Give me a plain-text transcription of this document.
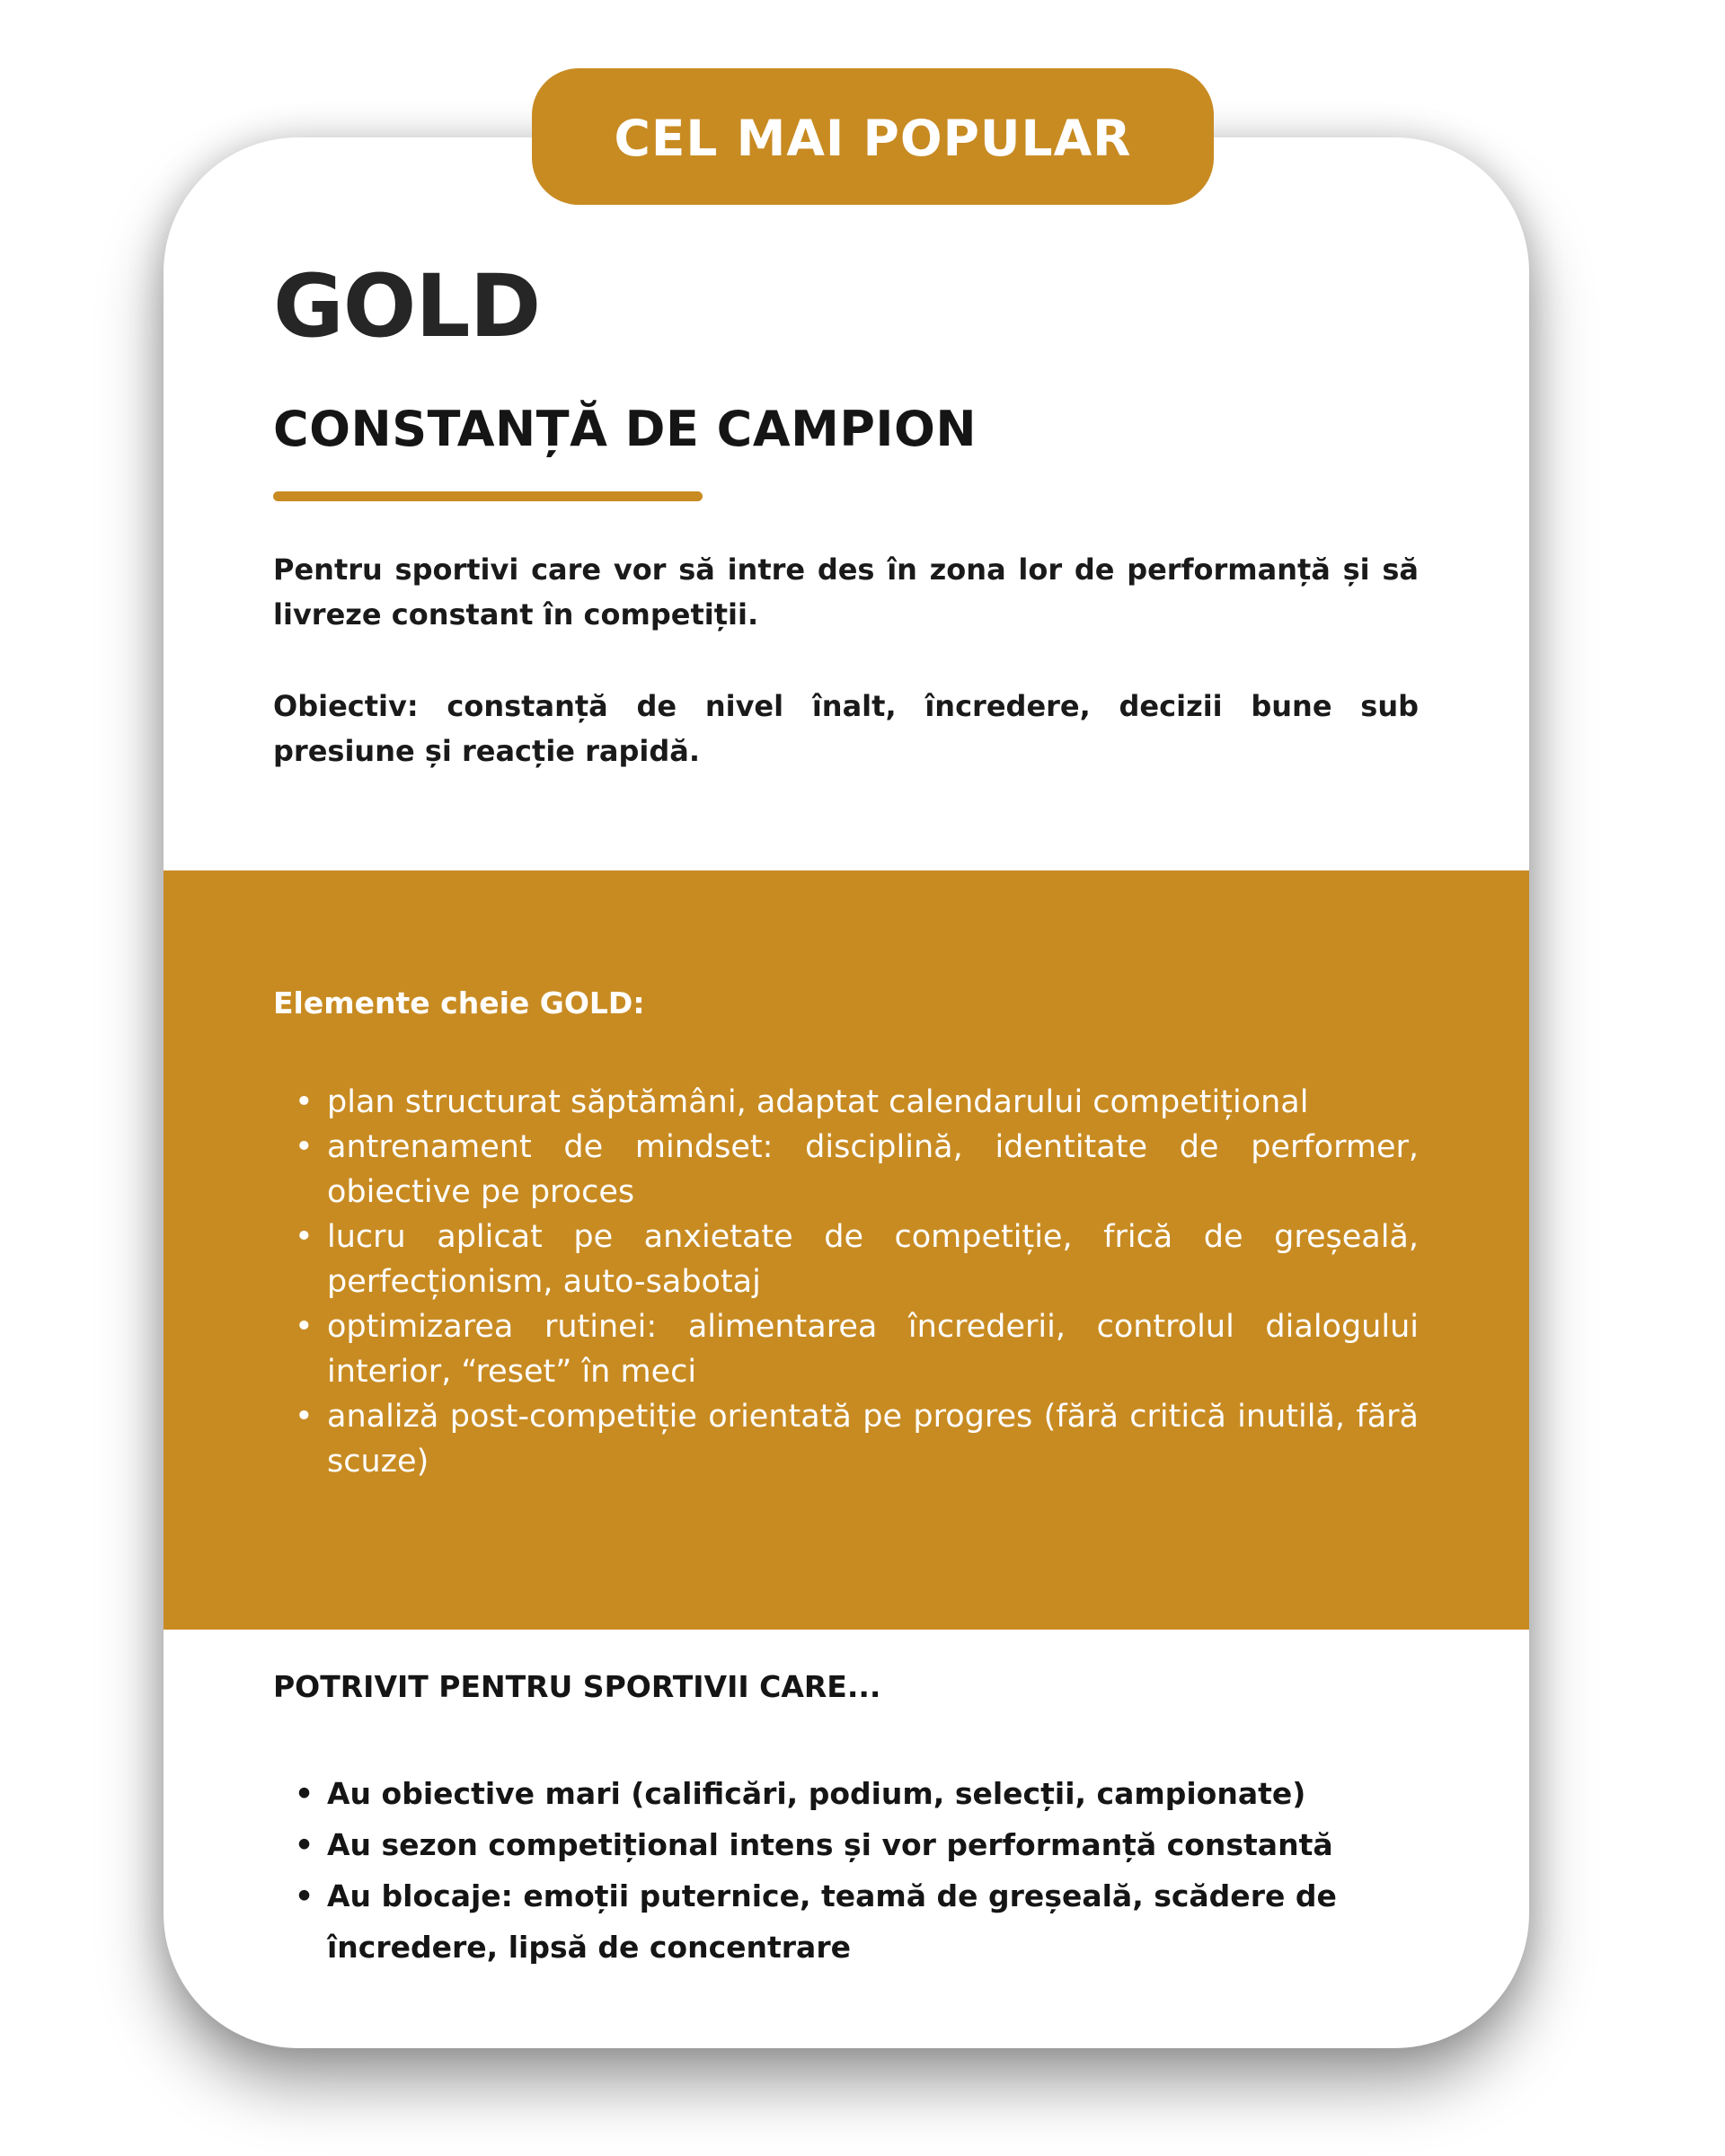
GOLD
CONSTANȚĂ DE CAMPION

Pentru sportivi care vor să intre des în zona lor de performanță și să livreze constant în competiții.

Obiectiv: constanță de nivel înalt, încredere, decizii bune sub presiune și reacție rapidă.

Elemente cheie GOLD:
• plan structurat săptămâni, adaptat calendarului competițional
• antrenament de mindset: disciplină, identitate de performer, obiective pe proces
• lucru aplicat pe anxietate de competiție, frică de greșeală, perfecționism, auto-sabotaj
• optimizarea rutinei: alimentarea încrederii, controlul dialogului interior, “reset” în meci
• analiză post-competiție orientată pe progres (fără critică inutilă, fără scuze)
POTRIVIT PENTRU SPORTIVII CARE...
• Au obiective mari (calificări, podium, selecții, campionate)
• Au sezon competițional intens și vor performanță constantă
• Au blocaje: emoții puternice, teamă de greșeală, scădere de încredere, lipsă de concentrare
CEL MAI POPULAR
